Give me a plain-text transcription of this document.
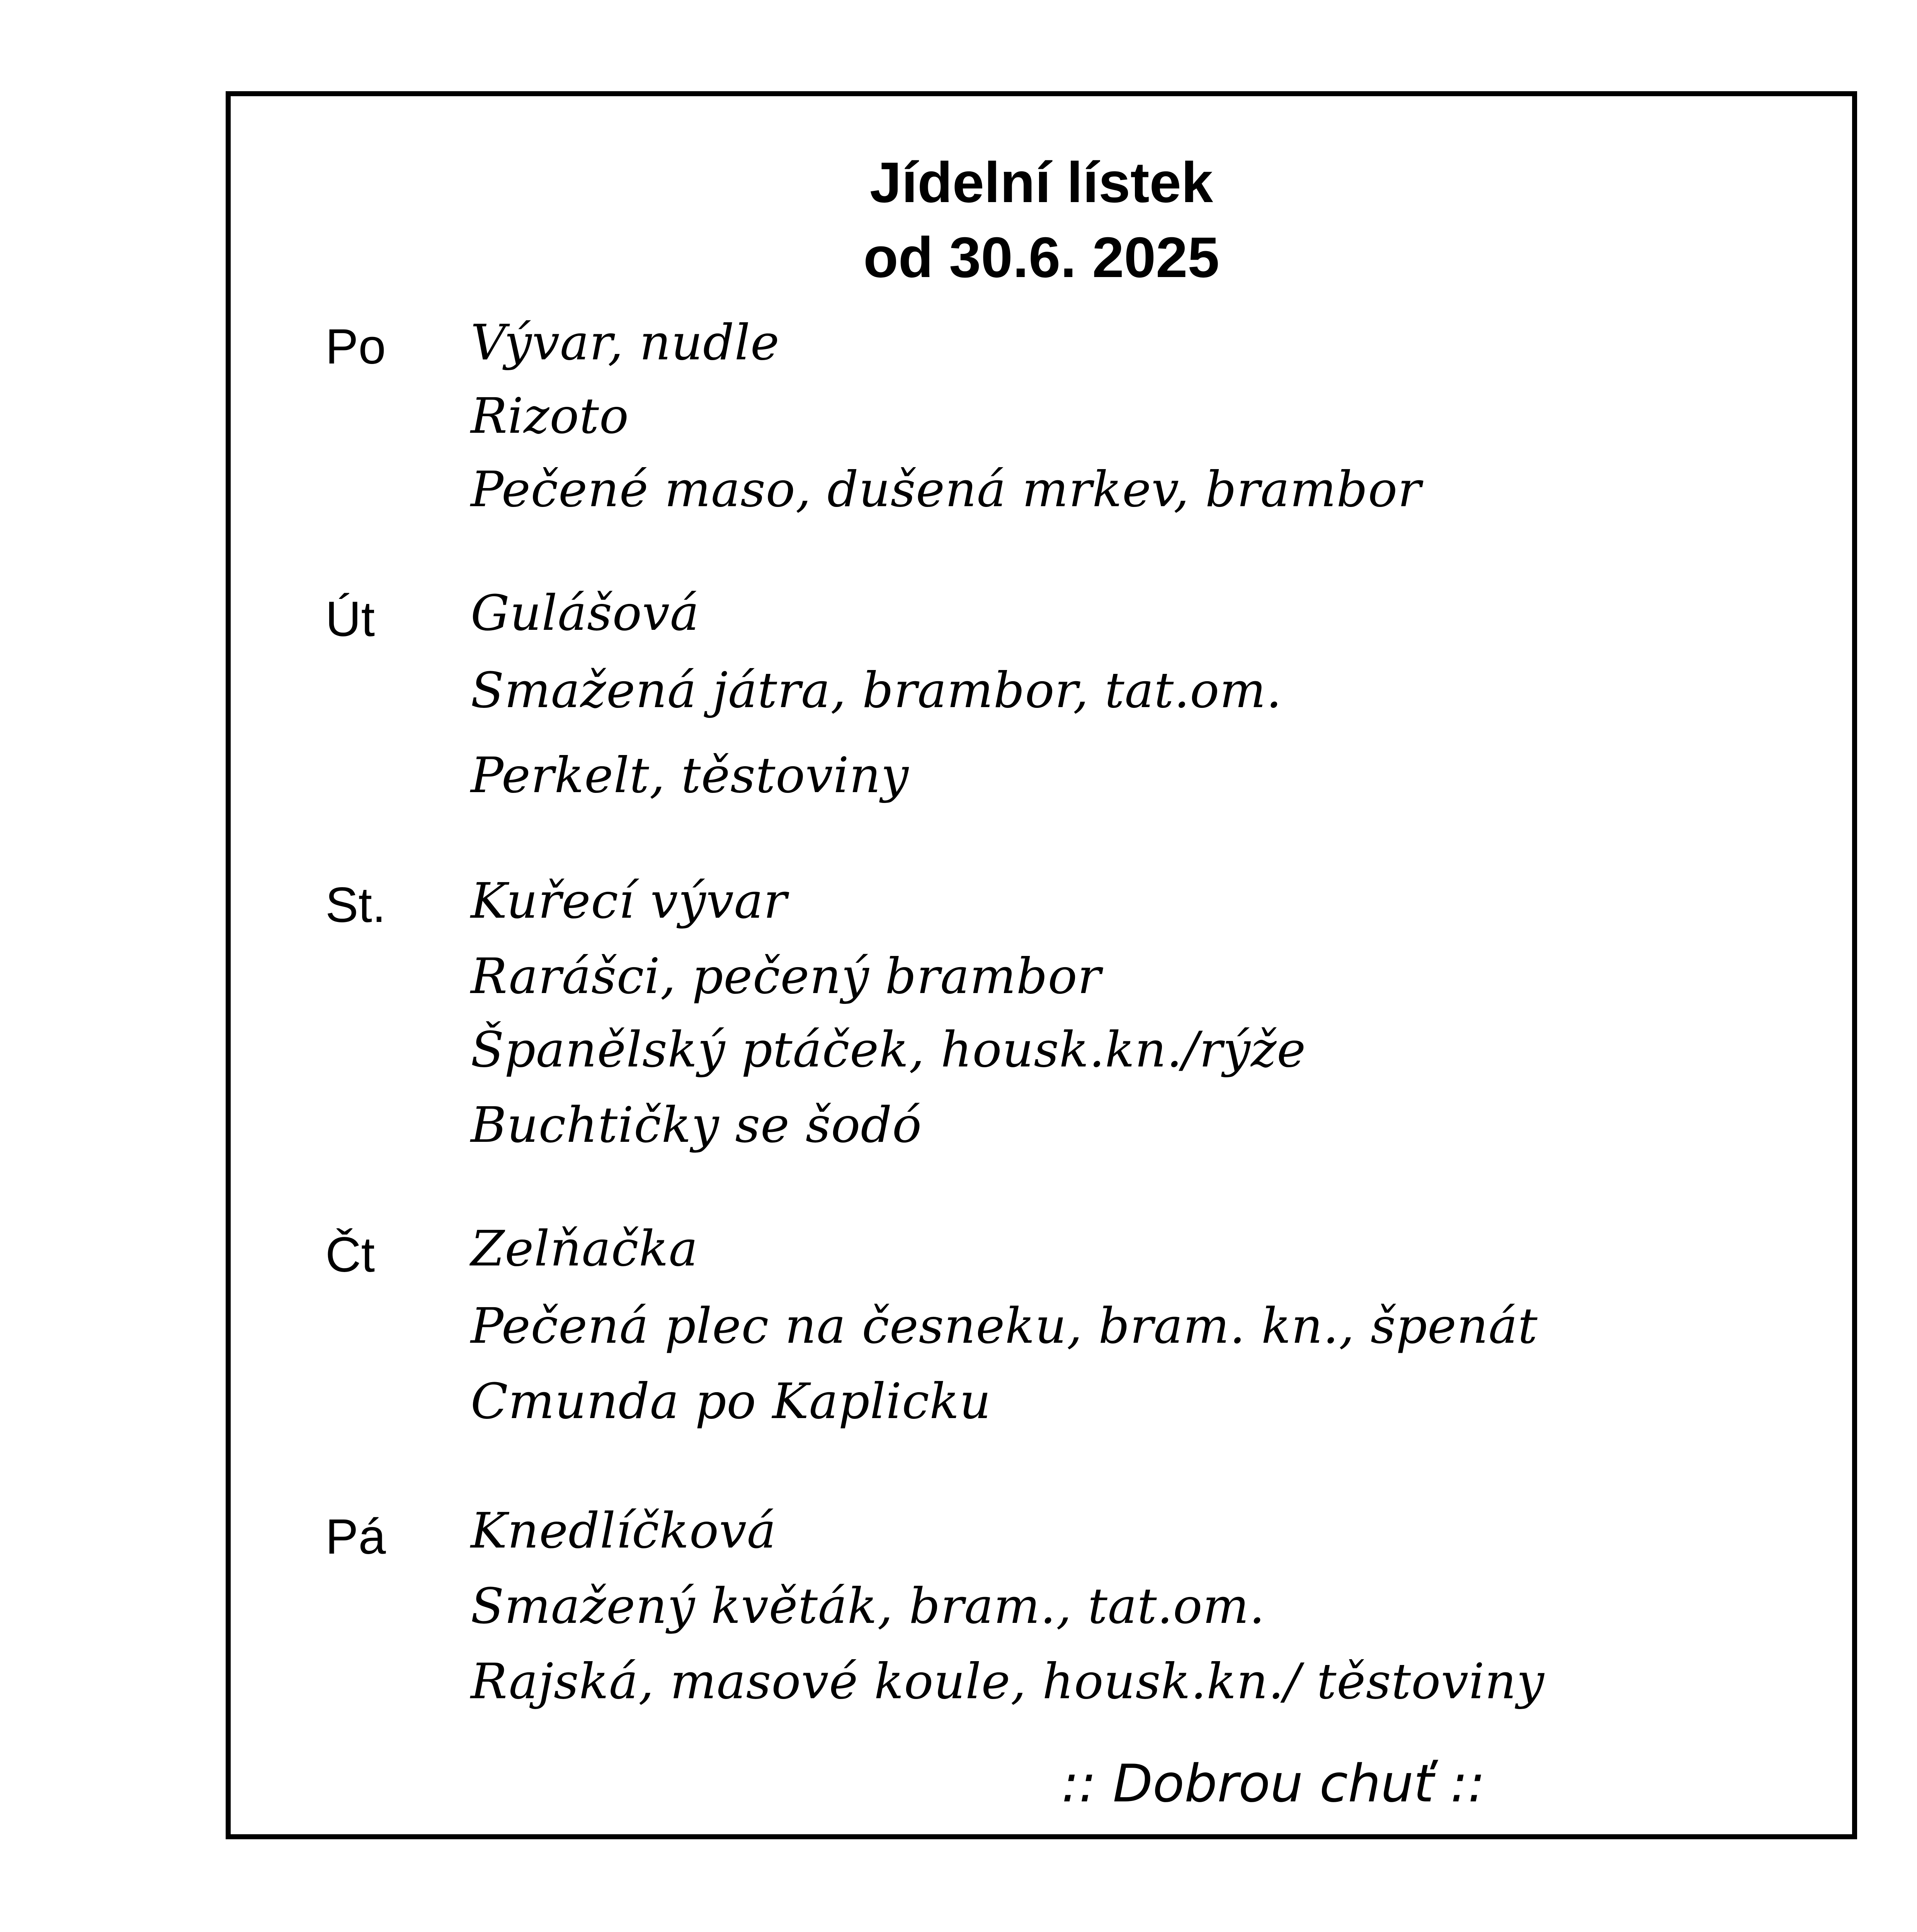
Jídelní lístek
od 30.6. 2025
Po Vývar, nudle
Rizoto
Pečené maso, dušená mrkev, brambor
Út Gulášová
Smažená játra, brambor, tat.om.
Perkelt, těstoviny
St. Kuřecí vývar
Rarášci, pečený brambor
Španělský ptáček, housk.kn./rýže
Buchtičky se šodó
Čt Zelňačka
Pečená plec na česneku, bram. kn., špenát
Cmunda po Kaplicku
Pá Knedlíčková
Smažený květák, bram., tat.om.
Rajská, masové koule, housk.kn./ těstoviny
:: Dobrou chuť ::
